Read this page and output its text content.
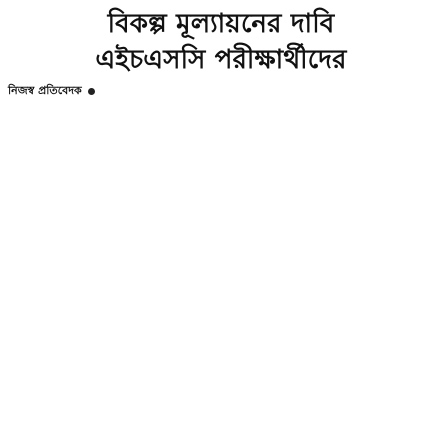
বিকল্প মূল্যায়নের দাবি
এইচএসসি পরীক্ষার্থীদের
নিজস্ব প্রতিবেদক
